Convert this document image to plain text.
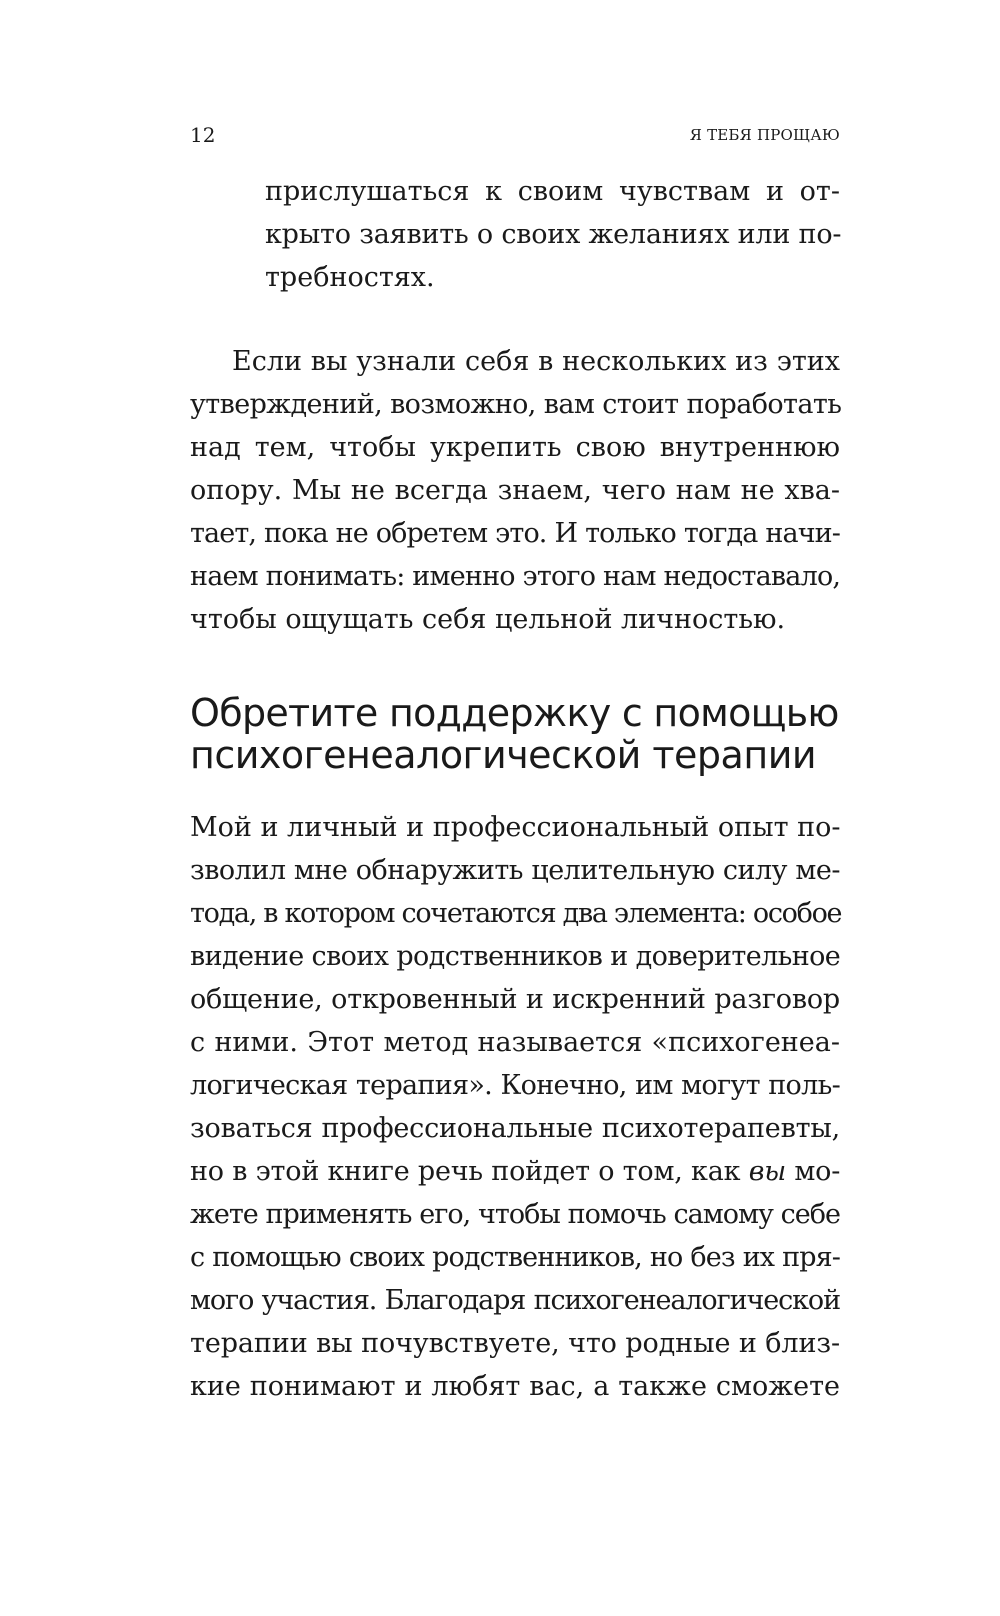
12	Я ТЕБЯ ПРОЩАЮ
прислушаться к своим чувствам и от-
крыто заявить о своих желаниях или по-
требностях.
Если вы узнали себя в нескольких из этих
утверждений, возможно, вам стоит поработать
над тем, чтобы укрепить свою внутреннюю
опору. Мы не всегда знаем, чего нам не хва-
тает, пока не обретем это. И только тогда начи-
наем понимать: именно этого нам недоставало,
чтобы ощущать себя цельной личностью.
Обретите поддержку с помощью
психогенеалогической терапии
Мой и личный и профессиональный опыт по-
зволил мне обнаружить целительную силу ме-
тода, в котором сочетаются два элемента: особое
видение своих родственников и доверительное
общение, откровенный и искренний разговор
с ними. Этот метод называется «психогенеа-
логическая терапия». Конечно, им могут поль-
зоваться профессиональные психотерапевты,
но в этой книге речь пойдет о том, как вы мо-
жете применять его, чтобы помочь самому себе
с помощью своих родственников, но без их пря-
мого участия. Благодаря психогенеалогической
терапии вы почувствуете, что родные и близ-
кие понимают и любят вас, а также сможете
